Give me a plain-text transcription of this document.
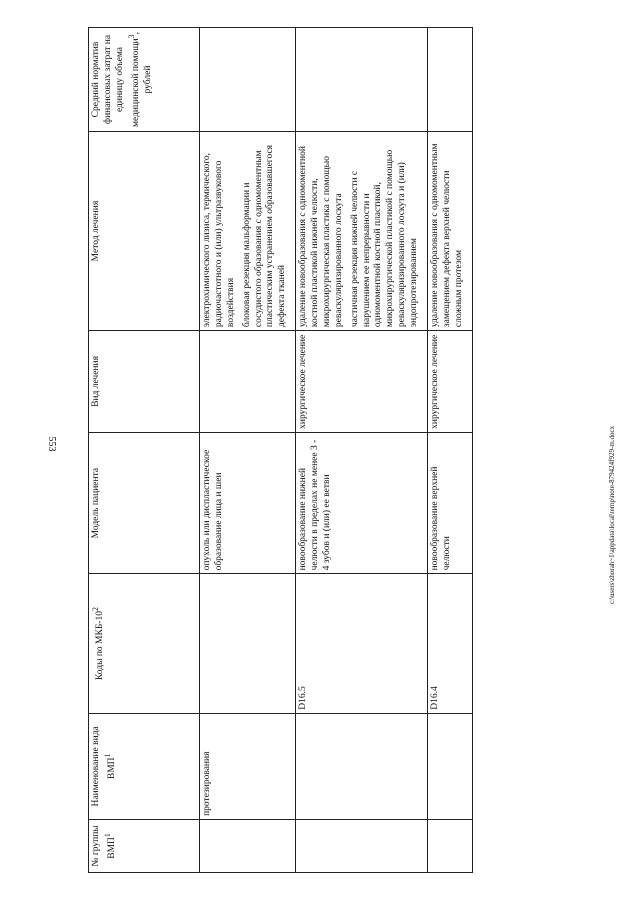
553
№ группы ВМП$^1$	Наименование вида ВМП$^1$	Коды по МКБ-$10^2$	Модель пациента	Вид лечения	Метод лечения	Средний норматив финансовых затрат на единицу объема медицинской помощи$^3$, рублей
	протезирования		опухоль или диспластическое образование лица и шеи		электрохимического лизиса, термического, радиочастотного и (или) ультразвукового воздействия блоковая резекция мальформации и сосудистого образования с одномоментным пластическим устранением образовавшегося дефекта тканей	

		D16.5	новообразование нижней челюсти в пределах не менее 3 - 4 зубов и (или) ее ветви	хирургическое лечение	удаление новообразования с одномоментной костной пластикой нижней челюсти, микрохирургическая пластика с помощью реваскуляризированного лоскута частичная резекция нижней челюсти с нарушением ее непрерывности и одномоментной костной пластикой, микрохирургической пластикой с помощью реваскуляризированного лоскута и (или) эндопротезированием	

		D16.4	новообразование верхней челюсти	хирургическое лечение	удаление новообразования с одномоментным замещением дефекта верхней челюсти сложным протезом	

c:\users\zhorah~1\appdata\local\temp\note-879424f929-m.docx
